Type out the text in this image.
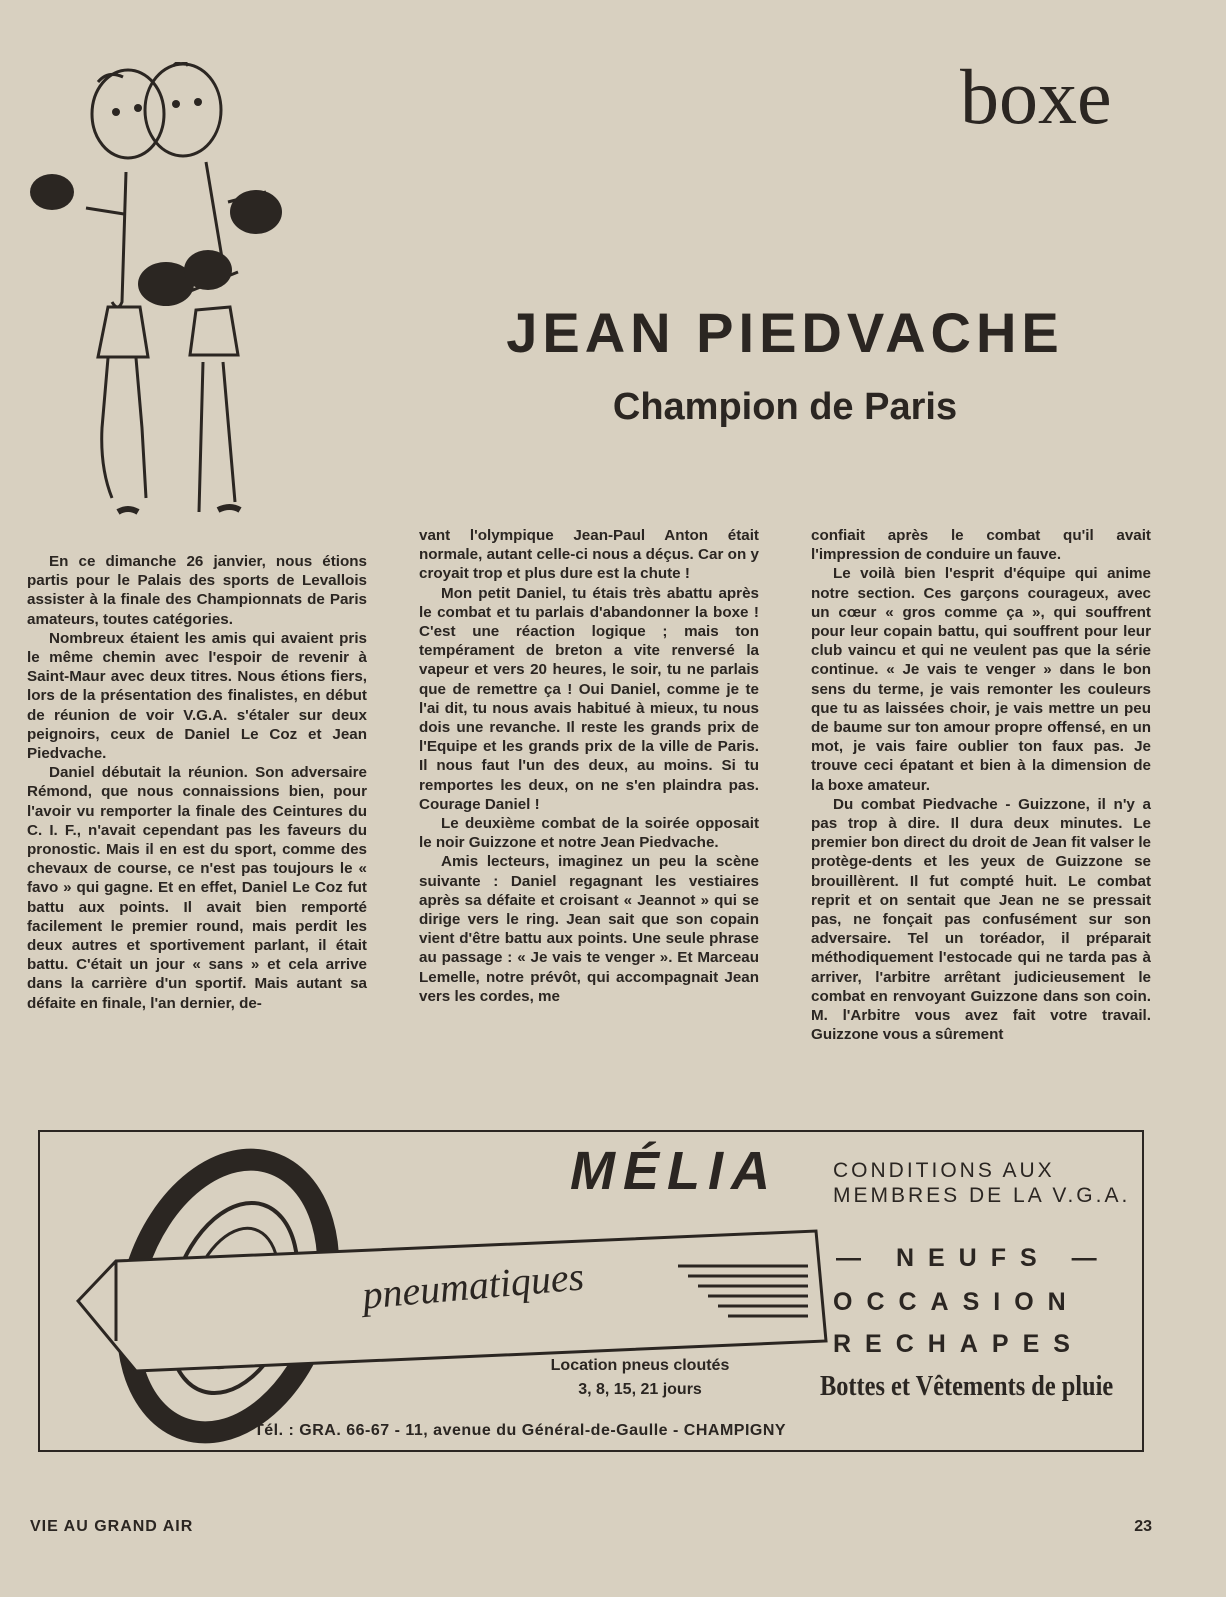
boxe
JEAN PIEDVACHE
Champion de Paris

En ce dimanche 26 janvier, nous étions partis pour le Palais des sports de Levallois assister à la finale des Championnats de Paris amateurs, toutes catégories.

Nombreux étaient les amis qui avaient pris le même chemin avec l'espoir de revenir à Saint-Maur avec deux titres. Nous étions fiers, lors de la présentation des finalistes, en début de réunion de voir V.G.A. s'étaler sur deux peignoirs, ceux de Daniel Le Coz et Jean Piedvache.

Daniel débutait la réunion. Son adversaire Rémond, que nous connaissions bien, pour l'avoir vu remporter la finale des Ceintures du C. I. F., n'avait cependant pas les faveurs du pronostic. Mais il en est du sport, comme des chevaux de course, ce n'est pas toujours le « favo » qui gagne. Et en effet, Daniel Le Coz fut battu aux points. Il avait bien remporté facilement le premier round, mais perdit les deux autres et sportivement parlant, il était battu. C'était un jour « sans » et cela arrive dans la carrière d'un sportif. Mais autant sa défaite en finale, l'an dernier, de-

vant l'olympique Jean-Paul Anton était normale, autant celle-ci nous a déçus. Car on y croyait trop et plus dure est la chute !

Mon petit Daniel, tu étais très abattu après le combat et tu parlais d'abandonner la boxe ! C'est une réaction logique ; mais ton tempérament de breton a vite renversé la vapeur et vers 20 heures, le soir, tu ne parlais que de remettre ça ! Oui Daniel, comme je te l'ai dit, tu nous avais habitué à mieux, tu nous dois une revanche. Il reste les grands prix de l'Equipe et les grands prix de la ville de Paris. Il nous faut l'un des deux, au moins. Si tu remportes les deux, on ne s'en plaindra pas. Courage Daniel !

Le deuxième combat de la soirée opposait le noir Guizzone et notre Jean Piedvache.

Amis lecteurs, imaginez un peu la scène suivante : Daniel regagnant les vestiaires après sa défaite et croisant « Jeannot » qui se dirige vers le ring. Jean sait que son copain vient d'être battu aux points. Une seule phrase au passage : « Je vais te venger ». Et Marceau Lemelle, notre prévôt, qui accompagnait Jean vers les cordes, me

confiait après le combat qu'il avait l'impression de conduire un fauve.

Le voilà bien l'esprit d'équipe qui anime notre section. Ces garçons courageux, avec un cœur « gros comme ça », qui souffrent pour leur copain battu, qui souffrent pour leur club vaincu et qui ne veulent pas que la série continue. « Je vais te venger » dans le bon sens du terme, je vais remonter les couleurs que tu as laissées choir, je vais mettre un peu de baume sur ton amour propre offensé, en un mot, je vais faire oublier ton faux pas. Je trouve ceci épatant et bien à la dimension de la boxe amateur.

Du combat Piedvache - Guizzone, il n'y a pas trop à dire. Il dura deux minutes. Le premier bon direct du droit de Jean fit valser le protège-dents et les yeux de Guizzone se brouillèrent. Il fut compté huit. Le combat reprit et on sentait que Jean ne se pressait pas, ne fonçait pas confusément sur son adversaire. Tel un toréador, il préparait méthodiquement l'estocade qui ne tarda pas à arriver, l'arbitre arrêtant judicieusement le combat en renvoyant Guizzone dans son coin. M. l'Arbitre vous avez fait votre travail. Guizzone vous a sûrement

MÉLIA
pneumatiques
Location pneus cloutés
3, 8, 15, 21 jours
CONDITIONS AUX
MEMBRES DE LA V.G.A.
— NEUFS —
OCCASION
RECHAPES
Bottes et Vêtements de pluie
Tél. : GRA. 66-67 - 11, avenue du Général-de-Gaulle - CHAMPIGNY
VIE AU GRAND AIR	23
